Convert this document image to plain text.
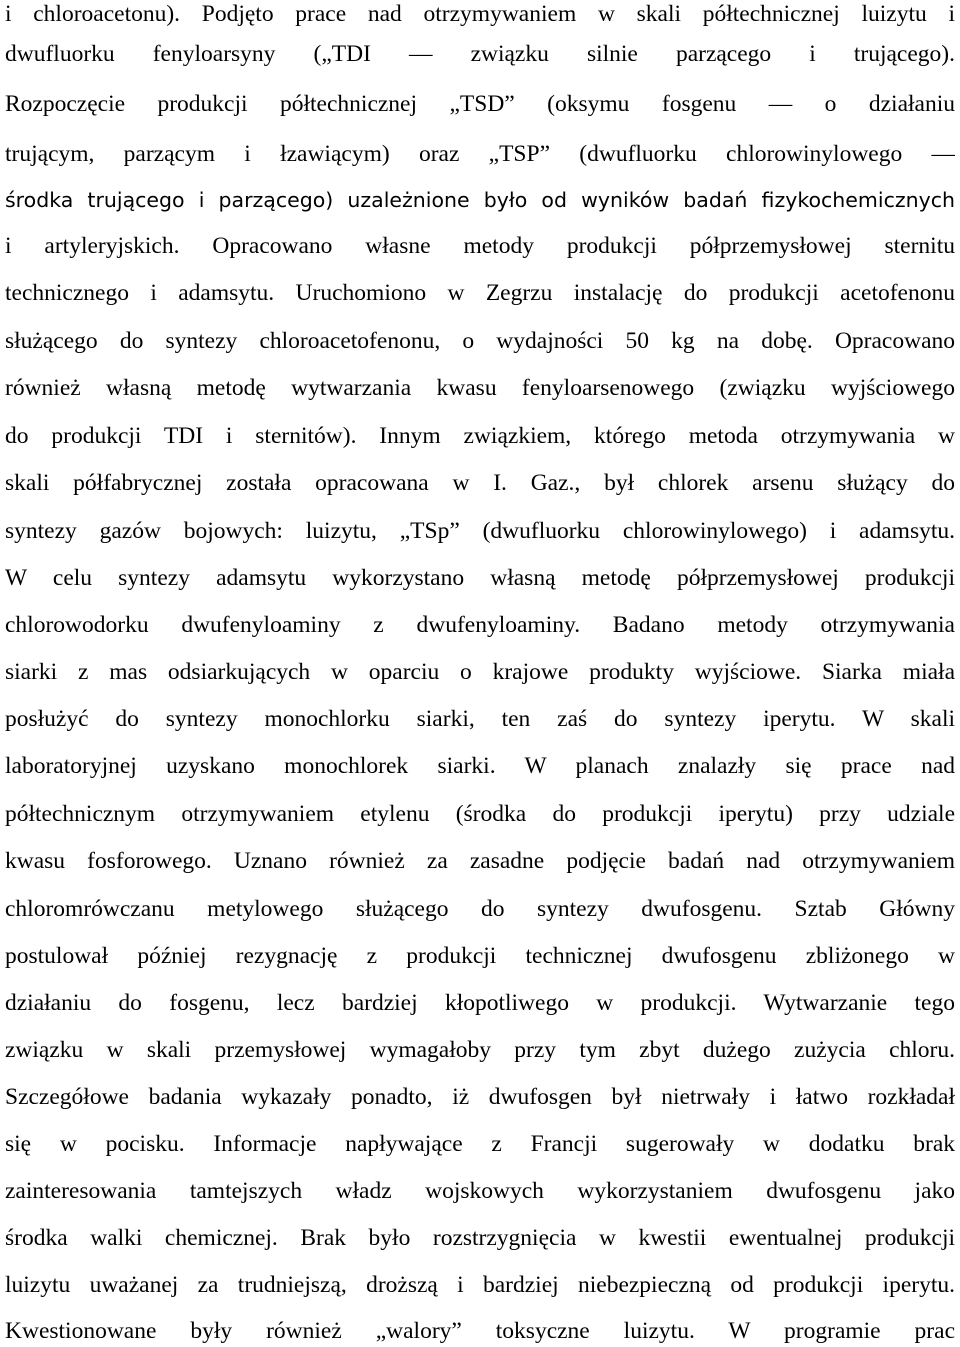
i chloroacetonu). Podjęto prace nad otrzymywaniem w skali półtechnicznej luizytu i
dwufluorku fenyloarsyny („TDI — związku silnie parzącego i trującego).
Rozpoczęcie produkcji półtechnicznej „TSD” (oksymu fosgenu — o działaniu
trującym, parzącym i łzawiącym) oraz „TSP” (dwufluorku chlorowinylowego —
środka trującego i parzącego) uzależnione było od wyników badań fizykochemicznych
i artyleryjskich. Opracowano własne metody produkcji półprzemysłowej sternitu
technicznego i adamsytu. Uruchomiono w Zegrzu instalację do produkcji acetofenonu
służącego do syntezy chloroacetofenonu, o wydajności 50 kg na dobę. Opracowano
również własną metodę wytwarzania kwasu fenyloarsenowego (związku wyjściowego
do produkcji TDI i sternitów). Innym związkiem, którego metoda otrzymywania w
skali półfabrycznej została opracowana w I. Gaz., był chlorek arsenu służący do
syntezy gazów bojowych: luizytu, „TSp” (dwufluorku chlorowinylowego) i adamsytu.
W celu syntezy adamsytu wykorzystano własną metodę półprzemysłowej produkcji
chlorowodorku dwufenyloaminy z dwufenyloaminy. Badano metody otrzymywania
siarki z mas odsiarkujących w oparciu o krajowe produkty wyjściowe. Siarka miała
posłużyć do syntezy monochlorku siarki, ten zaś do syntezy iperytu. W skali
laboratoryjnej uzyskano monochlorek siarki. W planach znalazły się prace nad
półtechnicznym otrzymywaniem etylenu (środka do produkcji iperytu) przy udziale
kwasu fosforowego. Uznano również za zasadne podjęcie badań nad otrzymywaniem
chloromrówczanu metylowego służącego do syntezy dwufosgenu. Sztab Główny
postulował później rezygnację z produkcji technicznej dwufosgenu zbliżonego w
działaniu do fosgenu, lecz bardziej kłopotliwego w produkcji. Wytwarzanie tego
związku w skali przemysłowej wymagałoby przy tym zbyt dużego zużycia chloru.
Szczegółowe badania wykazały ponadto, iż dwufosgen był nietrwały i łatwo rozkładał
się w pocisku. Informacje napływające z Francji sugerowały w dodatku brak
zainteresowania tamtejszych władz wojskowych wykorzystaniem dwufosgenu jako
środka walki chemicznej. Brak było rozstrzygnięcia w kwestii ewentualnej produkcji
luizytu uważanej za trudniejszą, droższą i bardziej niebezpieczną od produkcji iperytu.
Kwestionowane były również „walory” toksyczne luizytu. W programie prac
